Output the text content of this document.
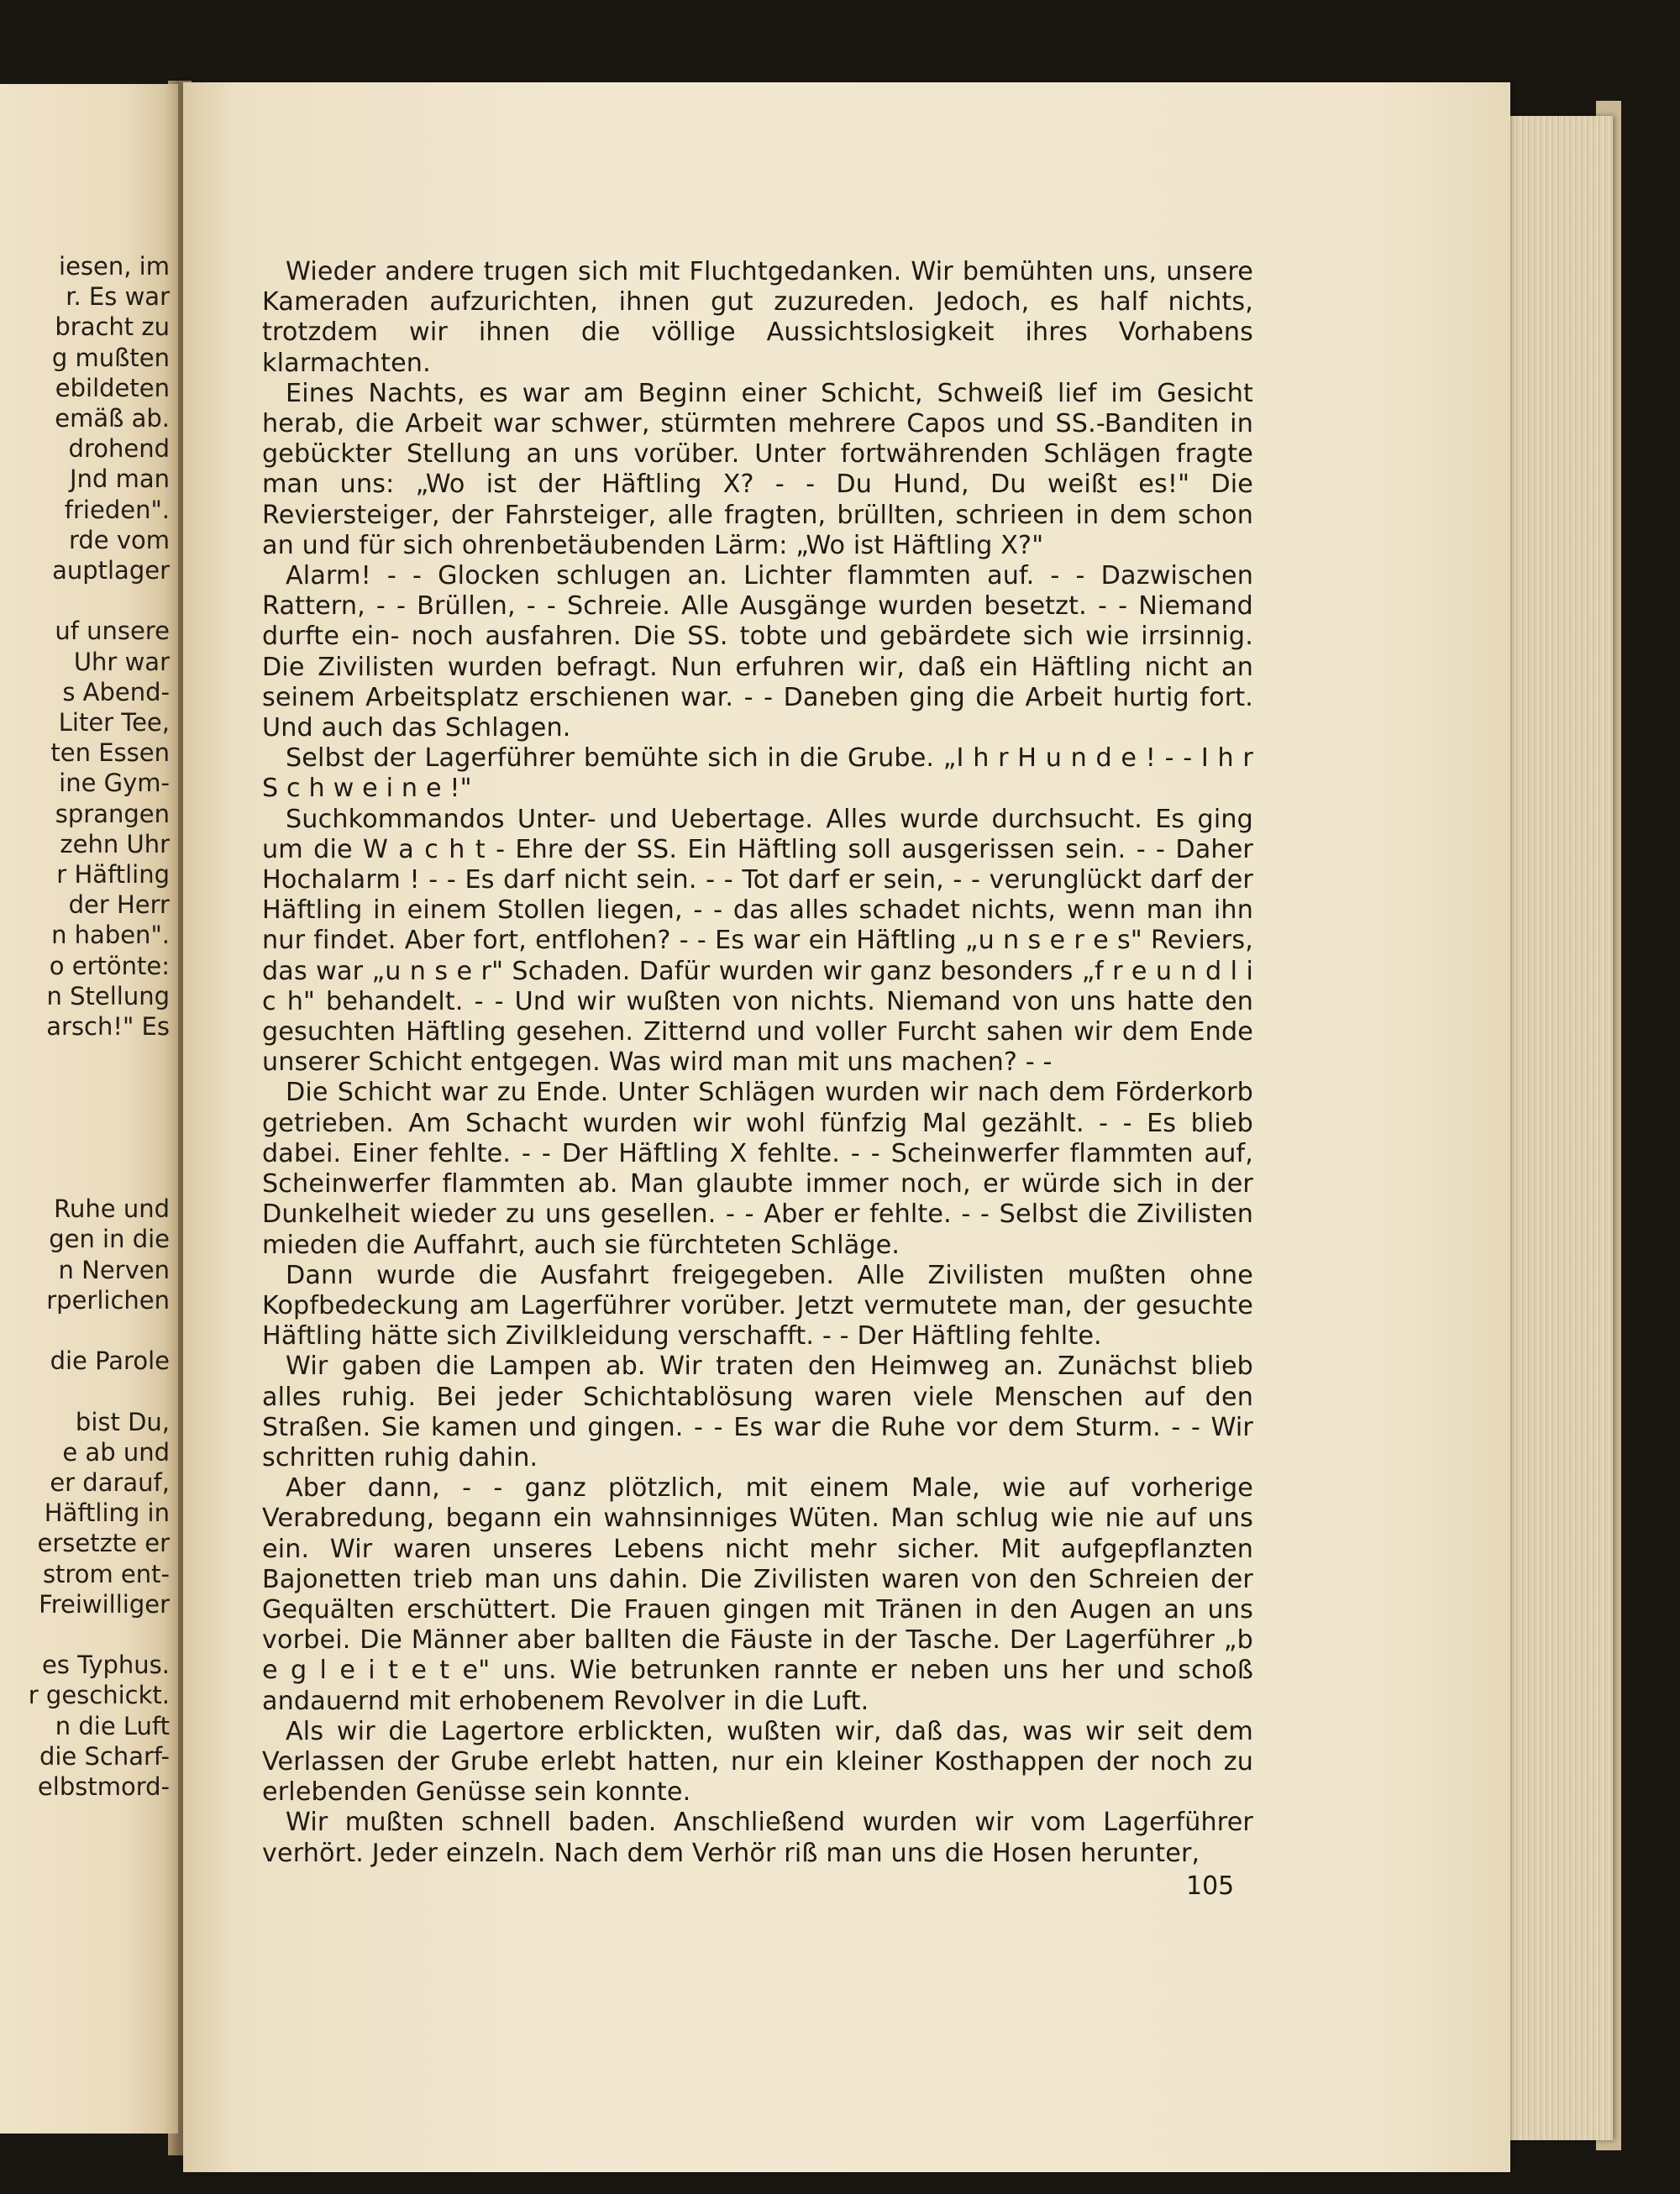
iesen, im
r. Es war
bracht zu
g mußten
ebildeten
emäß ab.
drohend
Jnd man
frieden".
rde vom
auptlager
uf unsere
Uhr war
s Abend-
Liter Tee,
ten Essen
ine Gym-
sprangen
zehn Uhr
r Häftling
der Herr
n haben".
o ertönte:
n Stellung
arsch!" Es
Ruhe und
gen in die
n Nerven
rperlichen
die Parole
bist Du,
e ab und
er darauf,
Häftling in
ersetzte er
strom ent-
Freiwilliger
es Typhus.
r geschickt.
n die Luft
die Scharf-
elbstmord-

Wieder andere trugen sich mit Fluchtgedanken. Wir bemühten uns, unsere Kameraden aufzurichten, ihnen gut zuzureden. Jedoch, es half nichts, trotzdem wir ihnen die völlige Aussichtslosigkeit ihres Vorhabens klarmachten.

Eines Nachts, es war am Beginn einer Schicht, Schweiß lief im Gesicht herab, die Arbeit war schwer, stürmten mehrere Capos und SS.-Banditen in gebückter Stellung an uns vorüber. Unter fortwährenden Schlägen fragte man uns: „Wo ist der Häftling X? - - Du Hund, Du weißt es!" Die Reviersteiger, der Fahrsteiger, alle fragten, brüllten, schrieen in dem schon an und für sich ohrenbetäubenden Lärm: „Wo ist Häftling X?"

Alarm! - - Glocken schlugen an. Lichter flammten auf. - - Dazwischen Rattern, - - Brüllen, - - Schreie. Alle Ausgänge wurden besetzt. - - Niemand durfte ein- noch ausfahren. Die SS. tobte und gebärdete sich wie irrsinnig. Die Zivilisten wurden befragt. Nun erfuhren wir, daß ein Häftling nicht an seinem Arbeitsplatz erschienen war. - - Daneben ging die Arbeit hurtig fort. Und auch das Schlagen.

Selbst der Lagerführer bemühte sich in die Grube. „I h r H u n d e ! - - I h r S c h w e i n e !"

Suchkommandos Unter- und Uebertage. Alles wurde durchsucht. Es ging um die W a c h t - Ehre der SS. Ein Häftling soll ausgerissen sein. - - Daher Hochalarm ! - - Es darf nicht sein. - - Tot darf er sein, - - verunglückt darf der Häftling in einem Stollen liegen, - - das alles schadet nichts, wenn man ihn nur findet. Aber fort, entflohen? - - Es war ein Häftling „u n s e r e s" Reviers, das war „u n s e r" Schaden. Dafür wurden wir ganz besonders „f r e u n d l i c h" behandelt. - - Und wir wußten von nichts. Niemand von uns hatte den gesuchten Häftling gesehen. Zitternd und voller Furcht sahen wir dem Ende unserer Schicht entgegen. Was wird man mit uns machen? - -

Die Schicht war zu Ende. Unter Schlägen wurden wir nach dem Förderkorb getrieben. Am Schacht wurden wir wohl fünfzig Mal gezählt. - - Es blieb dabei. Einer fehlte. - - Der Häftling X fehlte. - - Scheinwerfer flammten auf, Scheinwerfer flammten ab. Man glaubte immer noch, er würde sich in der Dunkelheit wieder zu uns gesellen. - - Aber er fehlte. - - Selbst die Zivilisten mieden die Auffahrt, auch sie fürchteten Schläge.

Dann wurde die Ausfahrt freigegeben. Alle Zivilisten mußten ohne Kopfbedeckung am Lagerführer vorüber. Jetzt vermutete man, der gesuchte Häftling hätte sich Zivilkleidung verschafft. - - Der Häftling fehlte.

Wir gaben die Lampen ab. Wir traten den Heimweg an. Zunächst blieb alles ruhig. Bei jeder Schichtablösung waren viele Menschen auf den Straßen. Sie kamen und gingen. - - Es war die Ruhe vor dem Sturm. - - Wir schritten ruhig dahin.

Aber dann, - - ganz plötzlich, mit einem Male, wie auf vorherige Verabredung, begann ein wahnsinniges Wüten. Man schlug wie nie auf uns ein. Wir waren unseres Lebens nicht mehr sicher. Mit aufgepflanzten Bajonetten trieb man uns dahin. Die Zivilisten waren von den Schreien der Gequälten erschüttert. Die Frauen gingen mit Tränen in den Augen an uns vorbei. Die Männer aber ballten die Fäuste in der Tasche. Der Lagerführer „b e g l e i t e t e" uns. Wie betrunken rannte er neben uns her und schoß andauernd mit erhobenem Revolver in die Luft.

Als wir die Lagertore erblickten, wußten wir, daß das, was wir seit dem Verlassen der Grube erlebt hatten, nur ein kleiner Kosthappen der noch zu erlebenden Genüsse sein konnte.

Wir mußten schnell baden. Anschließend wurden wir vom Lagerführer verhört. Jeder einzeln. Nach dem Verhör riß man uns die Hosen herunter,

105
